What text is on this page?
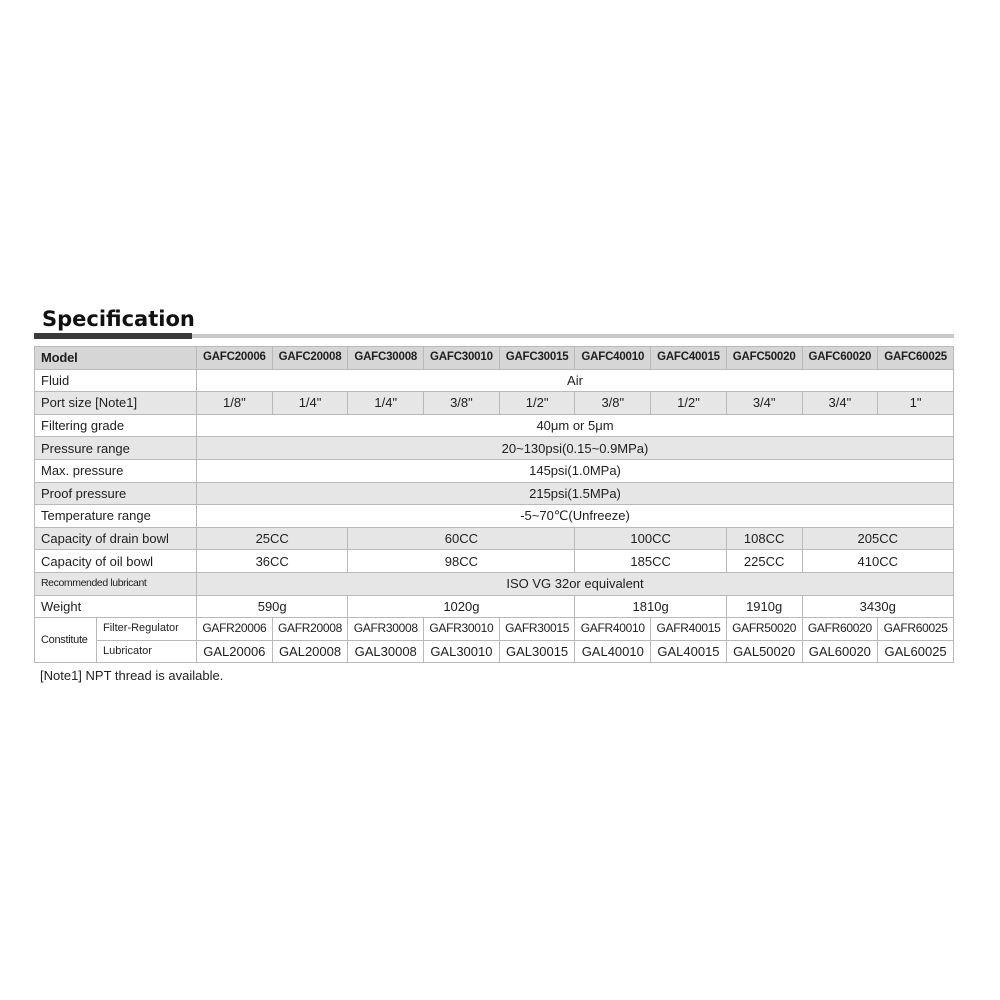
Specification
Model		GAFC20006	GAFC20008	GAFC30008	GAFC30010	GAFC30015	GAFC40010	GAFC40015	GAFC50020	GAFC60020	GAFC60025
Fluid		Air									
Port size [Note1]		1/8"	1/4"	1/4"	3/8"	1/2"	3/8"	1/2"	3/4"	3/4"	1"
Filtering grade		40μm or 5μm									
Pressure range		20~130psi(0.15~0.9MPa)									
Max. pressure		145psi(1.0MPa)									
Proof pressure		215psi(1.5MPa)									
Temperature range		-5~70℃(Unfreeze)									
Capacity of drain bowl		25CC		60CC			100CC		108CC	205CC	
Capacity of oil bowl		36CC		98CC			185CC		225CC	410CC	
Recommended lubricant		ISO VG 32or equivalent									
Weight		590g		1020g			1810g		1910g	3430g	
Constitute	Filter-Regulator	GAFR20006	GAFR20008	GAFR30008	GAFR30010	GAFR30015	GAFR40010	GAFR40015	GAFR50020	GAFR60020	GAFR60025
	Lubricator	GAL20006	GAL20008	GAL30008	GAL30010	GAL30015	GAL40010	GAL40015	GAL50020	GAL60020	GAL60025

[Note1] NPT thread is available.
